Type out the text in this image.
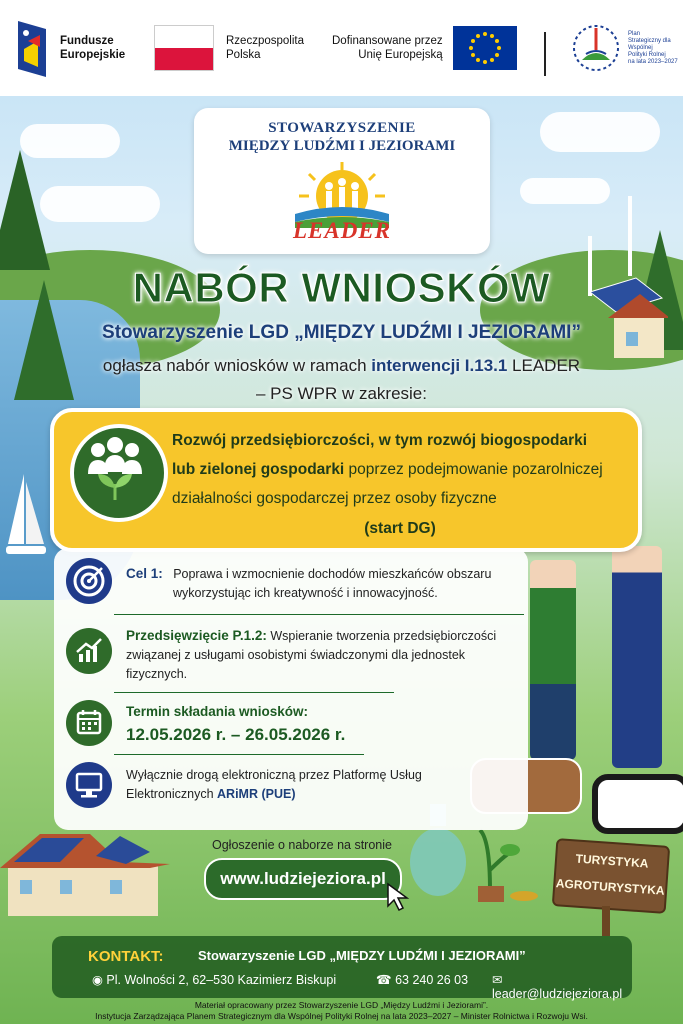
Fundusze
Europejskie
Rzeczpospolita
Polska
Dofinansowane przez
Unię Europejską
Plan
Strategiczny dla
Wspólnej
Polityki Rolnej
na lata 2023–2027
STOWARZYSZENIE
MIĘDZY LUDŹMI I JEZIORAMI
LEADER
NABÓR WNIOSKÓW
Stowarzyszenie LGD „MIĘDZY LUDŹMI I JEZIORAMI”
ogłasza nabór wniosków w ramach interwencji I.13.1 LEADER
– PS WPR w zakresie:
Rozwój przedsiębiorczości, w tym rozwój biogospodarki
lub zielonej gospodarki poprzez podejmowanie pozarolniczej
działalności gospodarczej przez osoby fizyczne
(start DG)
Cel 1: Poprawa i wzmocnienie dochodów mieszkańców obszaru
wykorzystując ich kreatywność i innowacyjność.
Przedsięwzięcie P.1.2: Wspieranie tworzenia przedsiębiorczości
związanej z usługami osobistymi świadczonymi dla jednostek
fizycznych.
Termin składania wniosków:
12.05.2026 r. – 26.05.2026 r.
Wyłącznie drogą elektroniczną przez Platformę Usług
Elektronicznych ARiMR (PUE)
Ogłoszenie o naborze na stronie
www.ludziejeziora.pl
TURYSTYKA
AGROTURYSTYKA
KONTAKT:	Stowarzyszenie LGD „MIĘDZY LUDŹMI I JEZIORAMI”
◉ Pl. Wolności 2, 62–530 Kazimierz Biskupi	☎ 63 240 26 03 ✉ leader@ludziejeziora.pl
Materiał opracowany przez Stowarzyszenie LGD „Między Ludźmi i Jeziorami”.
Instytucja Zarządzająca Planem Strategicznym dla Wspólnej Polityki Rolnej na lata 2023–2027 – Minister Rolnictwa i Rozwoju Wsi.
